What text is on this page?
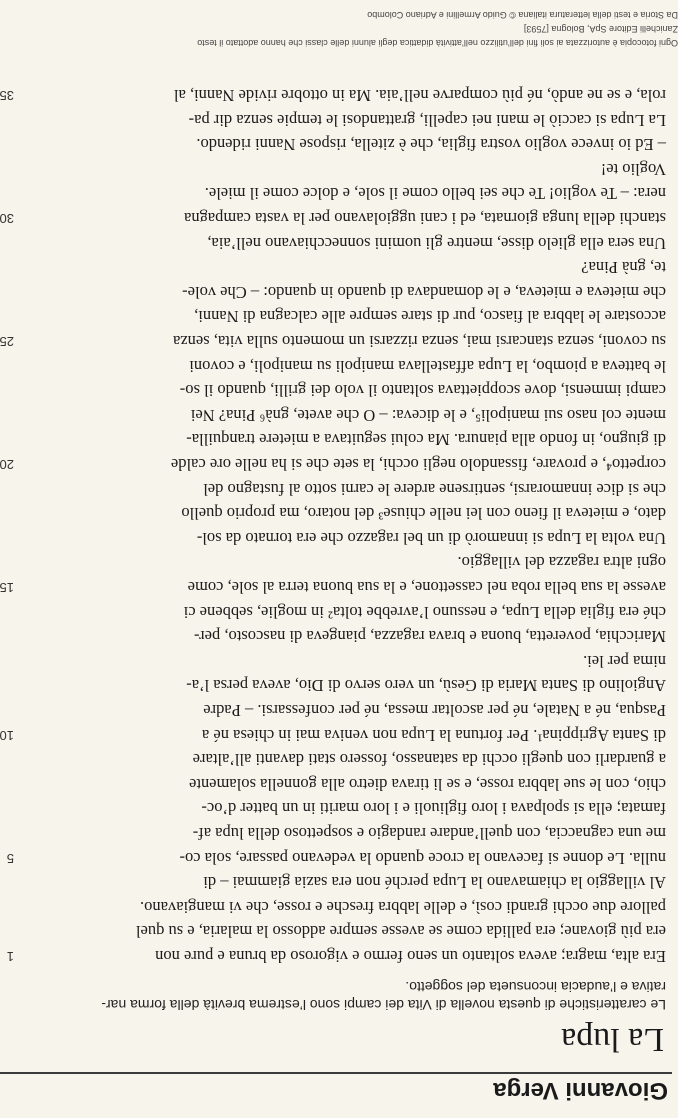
Giovanni Verga
La lupa

Le caratteristiche di questa novella di Vita dei campi sono l’estrema brevità della forma nar-

rativa e l’audacia inconsueta del soggetto.

Era alta, magra; aveva soltanto un seno fermo e vigoroso da bruna e pure non
1
era più giovane; era pallida come se avesse sempre addosso la malaria, e su quel
pallore due occhi grandi così, e delle labbra fresche e rosse, che vi mangiavano.
Al villaggio la chiamavano la Lupa perché non era sazia giammai – di
nulla. Le donne si facevano la croce quando la vedevano passare, sola co-
5
me una cagnaccia, con quell’andare randagio e sospettoso della lupa af-
famata; ella si spolpava i loro figliuoli e i loro mariti in un batter d’oc-
chio, con le sue labbra rosse, e se li tirava dietro alla gonnella solamente
a guardarli con quegli occhi da satanasso, fossero stati davanti all’altare
di Santa Agrippina¹. Per fortuna la Lupa non veniva mai in chiesa né a
10
Pasqua, né a Natale, né per ascoltar messa, né per confessarsi. – Padre
Angiolino di Santa Maria di Gesù, un vero servo di Dio, aveva persa l’a-
nima per lei.
Maricchia, poveretta, buona e brava ragazza, piangeva di nascosto, per-
ché era figlia della Lupa, e nessuno l’avrebbe tolta² in moglie, sebbene ci
avesse la sua bella roba nel cassettone, e la sua buona terra al sole, come
15
ogni altra ragazza del villaggio.
Una volta la Lupa si innamorò di un bel ragazzo che era tornato da sol-
dato, e mieteva il fieno con lei nelle chiuse³ del notaro, ma proprio quello
che si dice innamorarsi, sentirsene ardere le carni sotto al fustagno del
corpetto⁴, e provare, fissandolo negli occhi, la sete che si ha nelle ore calde
20
di giugno, in fondo alla pianura. Ma colui seguitava a mietere tranquilla-
mente col naso sui manipoli⁵, e le diceva: – O che avete, gnà⁶ Pina? Nei
campi immensi, dove scoppiettava soltanto il volo dei grilli, quando il so-
le batteva a piombo, la Lupa affastellava manipoli su manipoli, e covoni
su covoni, senza stancarsi mai, senza rizzarsi un momento sulla vita, senza
25
accostare le labbra al fiasco, pur di stare sempre alle calcagna di Nanni,
che mieteva e mieteva, e le domandava di quando in quando: – Che vole-
te, gnà Pina?
Una sera ella glielo disse, mentre gli uomini sonnecchiavano nell’aia,
stanchi della lunga giornata, ed i cani uggiolavano per la vasta campagna
30
nera: – Te voglio! Te che sei bello come il sole, e dolce come il miele.
Voglio te!
– Ed io invece voglio vostra figlia, che è zitella, rispose Nanni ridendo.
La Lupa si cacciò le mani nei capelli, grattandosi le tempie senza dir pa-
rola, e se ne andò, né più comparve nell’aia. Ma in ottobre rivide Nanni, al
35

Ogni fotocopia è autorizzata ai soli fini dell’utilizzo nell’attività didattica degli alunni delle classi che hanno adottato il testo

Zanichelli Editore SpA, Bologna [7593]

Da Storia e testi della letteratura italiana © Guido Armellini e Adriano Colombo
